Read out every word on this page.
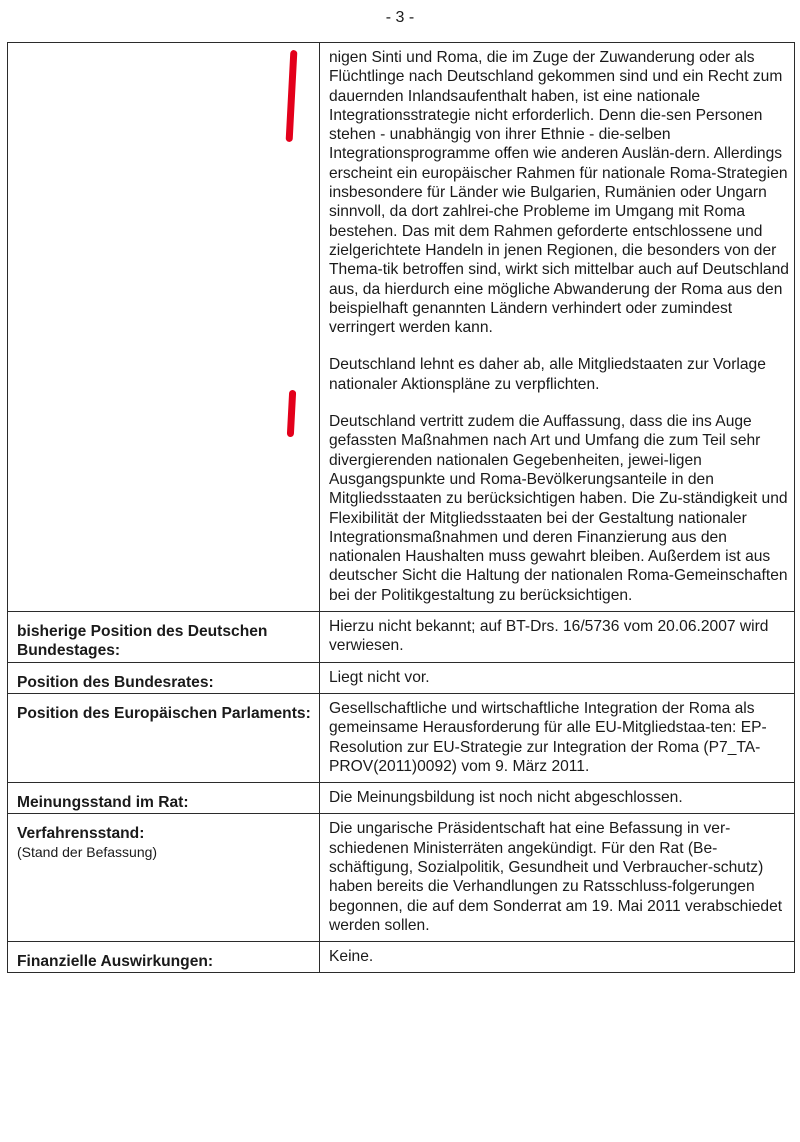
- 3 -

	nigen Sinti und Roma, die im Zuge der Zuwanderung oder als Flüchtlinge nach Deutschland gekommen sind und ein Recht zum dauernden Inlandsaufenthalt haben, ist eine nationale Integrationsstrategie nicht erforderlich. Denn die-sen Personen stehen - unabhängig von ihrer Ethnie - die-selben Integrationsprogramme offen wie anderen Auslän-dern. Allerdings erscheint ein europäischer Rahmen für nationale Roma-Strategien insbesondere für Länder wie Bulgarien, Rumänien oder Ungarn sinnvoll, da dort zahlrei-che Probleme im Umgang mit Roma bestehen. Das mit dem Rahmen geforderte entschlossene und zielgerichtete Handeln in jenen Regionen, die besonders von der Thema-tik betroffen sind, wirkt sich mittelbar auch auf Deutschland aus, da hierdurch eine mögliche Abwanderung der Roma aus den beispielhaft genannten Ländern verhindert oder zumindest verringert werden kann.

Deutschland lehnt es daher ab, alle Mitgliedstaaten zur Vorlage nationaler Aktionspläne zu verpflichten.

Deutschland vertritt zudem die Auffassung, dass die ins Auge gefassten Maßnahmen nach Art und Umfang die zum Teil sehr divergierenden nationalen Gegebenheiten, jewei-ligen Ausgangspunkte und Roma-Bevölkerungsanteile in den Mitgliedsstaaten zu berücksichtigen haben. Die Zu-ständigkeit und Flexibilität der Mitgliedsstaaten bei der Gestaltung nationaler Integrationsmaßnahmen und deren Finanzierung aus den nationalen Haushalten muss gewahrt bleiben. Außerdem ist aus deutscher Sicht die Haltung der nationalen Roma-Gemeinschaften bei der Politikgestaltung zu berücksichtigen.

bisherige Position des Deutschen Bundestages:	Hierzu nicht bekannt; auf BT-Drs. 16/5736 vom 20.06.2007 wird verwiesen.

Position des Bundesrates:	Liegt nicht vor.

Position des Europäischen Parlaments:	Gesellschaftliche und wirtschaftliche Integration der Roma als gemeinsame Herausforderung für alle EU-Mitgliedstaa-ten: EP-Resolution zur EU-Strategie zur Integration der Roma (P7_TA-PROV(2011)0092) vom 9. März 2011.

Meinungsstand im Rat:	Die Meinungsbildung ist noch nicht abgeschlossen.

Verfahrensstand:
(Stand der Befassung)	Die ungarische Präsidentschaft hat eine Befassung in ver-schiedenen Ministerräten angekündigt. Für den Rat (Be-schäftigung, Sozialpolitik, Gesundheit und Verbraucher-schutz) haben bereits die Verhandlungen zu Ratsschluss-folgerungen begonnen, die auf dem Sonderrat am 19. Mai 2011 verabschiedet werden sollen.

Finanzielle Auswirkungen:	Keine.
